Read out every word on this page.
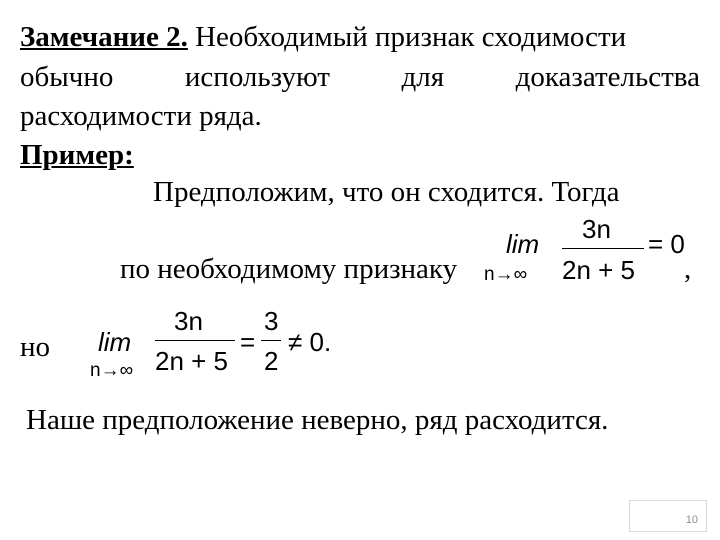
Замечание 2. Необходимый признак сходимости
обычно используют для доказательства
расходимости ряда.
Пример:
Предположим, что он сходится. Тогда
по необходимому признаку
lim
n→∞
3n
2n + 5
= 0
,
но lim
n→∞
3n
2n + 5
=
3
2
≠ 0.
Наше предположение неверно, ряд расходится.
10
